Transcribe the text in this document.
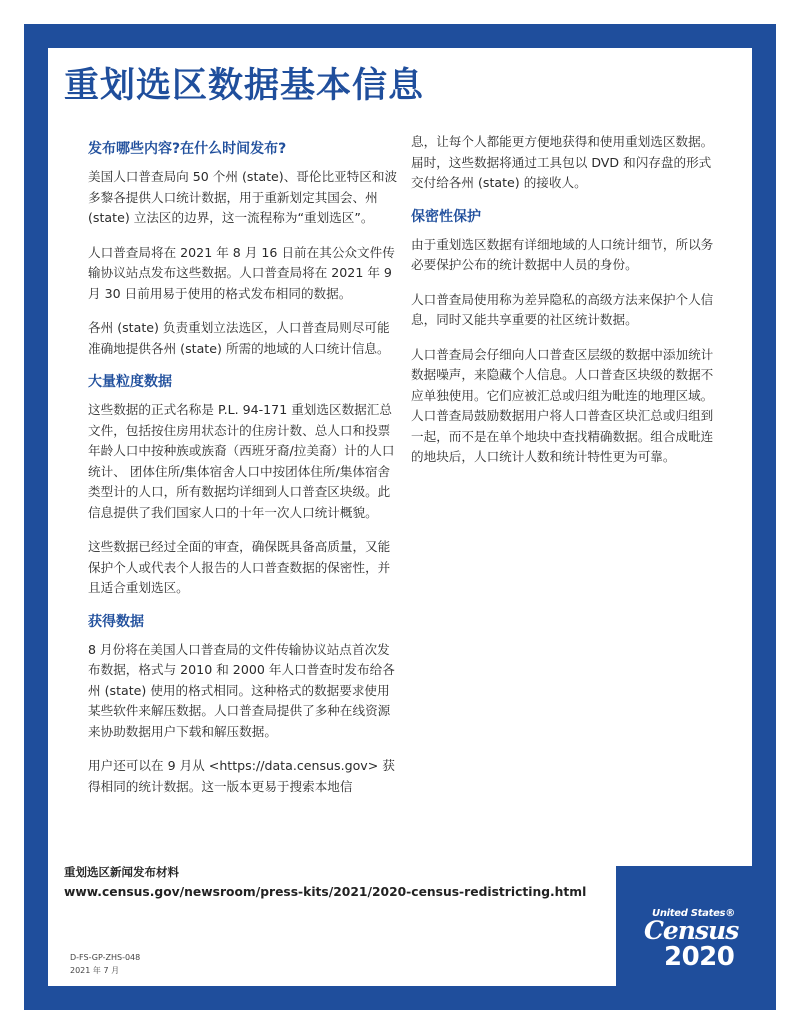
重划选区数据基本信息
发布哪些内容?在什么时间发布?

美国人口普查局向 50 个州 (state)、哥伦比亚特区和波多黎各提供人口统计数据，用于重新划定其国会、州 (state) 立法区的边界，这一流程称为“重划选区”。

人口普查局将在 2021 年 8 月 16 日前在其公众文件传输协议站点发布这些数据。人口普查局将在 2021 年 9 月 30 日前用易于使用的格式发布相同的数据。

各州 (state) 负责重划立法选区，人口普查局则尽可能准确地提供各州 (state) 所需的地域的人口统计信息。

大量粒度数据

这些数据的正式名称是 P.L. 94-171 重划选区数据汇总文件，包括按住房用状态计的住房计数、总人口和投票年龄人口中按种族或族裔（西班牙裔/拉美裔）计的人口统计、 团体住所/集体宿舍人口中按团体住所/集体宿舍类型计的人口，所有数据均详细到人口普查区块级。此信息提供了我们国家人口的十年一次人口统计概貌。

这些数据已经过全面的审查，确保既具备高质量，又能保护个人或代表个人报告的人口普查数据的保密性，并且适合重划选区。

获得数据

8 月份将在美国人口普查局的文件传输协议站点首次发布数据，格式与 2010 和 2000 年人口普查时发布给各州 (state) 使用的格式相同。这种格式的数据要求使用某些软件来解压数据。人口普查局提供了多种在线资源来协助数据用户下载和解压数据。

用户还可以在 9 月从 <https://data.census.gov> 获得相同的统计数据。这一版本更易于搜索本地信

息，让每个人都能更方便地获得和使用重划选区数据。届时，这些数据将通过工具包以 DVD 和闪存盘的形式交付给各州 (state) 的接收人。

保密性保护

由于重划选区数据有详细地域的人口统计细节，所以务必要保护公布的统计数据中人员的身份。

人口普查局使用称为差异隐私的高级方法来保护个人信息，同时又能共享重要的社区统计数据。

人口普查局会仔细向人口普查区层级的数据中添加统计数据噪声，来隐藏个人信息。人口普查区块级的数据不应单独使用。它们应被汇总或归组为毗连的地理区域。人口普查局鼓励数据用户将人口普查区块汇总或归组到一起，而不是在单个地块中查找精确数据。组合成毗连的地块后，人口统计人数和统计特性更为可靠。

重划选区新闻发布材料
www.census.gov/newsroom/press-kits/2021/2020-census-redistricting.html
D-FS-GP-ZHS-048
2021 年 7 月
United States®
Census
2020
